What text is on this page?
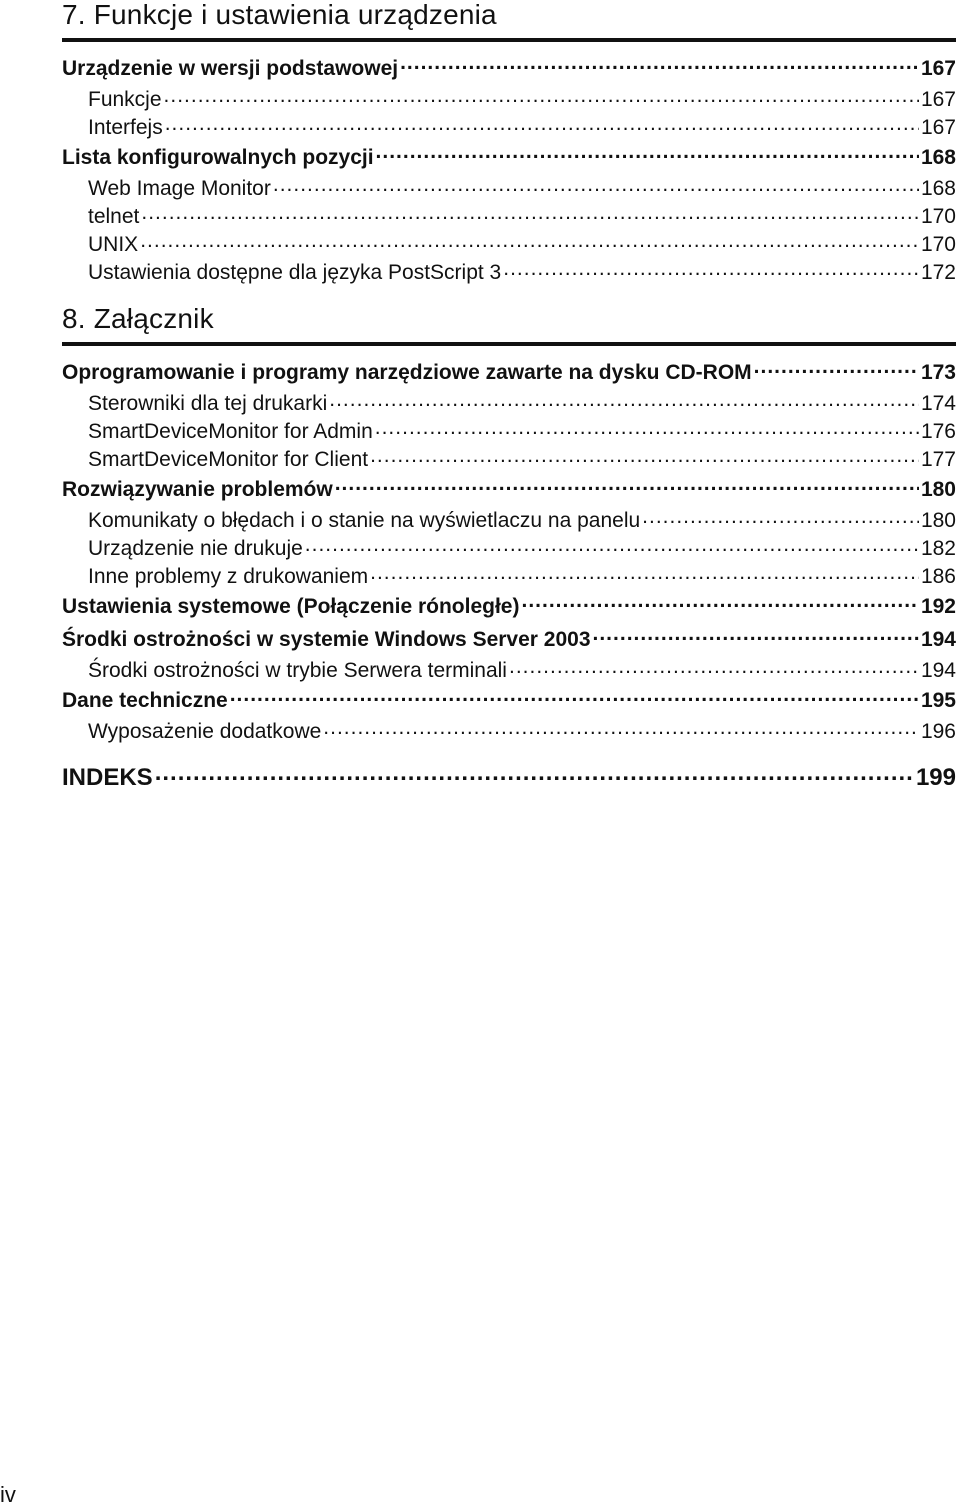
7. Funkcje i ustawienia urządzenia
Urządzenie w wersji podstawowej .....	167
Funkcje .....	167
Interfejs .....	167
Lista konfigurowalnych pozycji .....	168
Web Image Monitor .....	168
telnet .....	170
UNIX .....	170
Ustawienia dostępne dla języka PostScript 3 .....	172
8. Załącznik
Oprogramowanie i programy narzędziowe zawarte na dysku CD-ROM .....	173
Sterowniki dla tej drukarki .....	174
SmartDeviceMonitor for Admin .....	176
SmartDeviceMonitor for Client .....	177
Rozwiązywanie problemów .....	180
Komunikaty o błędach i o stanie na wyświetlaczu na panelu .....	180
Urządzenie nie drukuje .....	182
Inne problemy z drukowaniem .....	186
Ustawienia systemowe (Połączenie rónoległe) .....	192
Środki ostrożności w systemie Windows Server 2003 .....	194
Środki ostrożności w trybie Serwera terminali .....	194
Dane techniczne .....	195
Wyposażenie dodatkowe .....	196
INDEKS .....	199
iv
